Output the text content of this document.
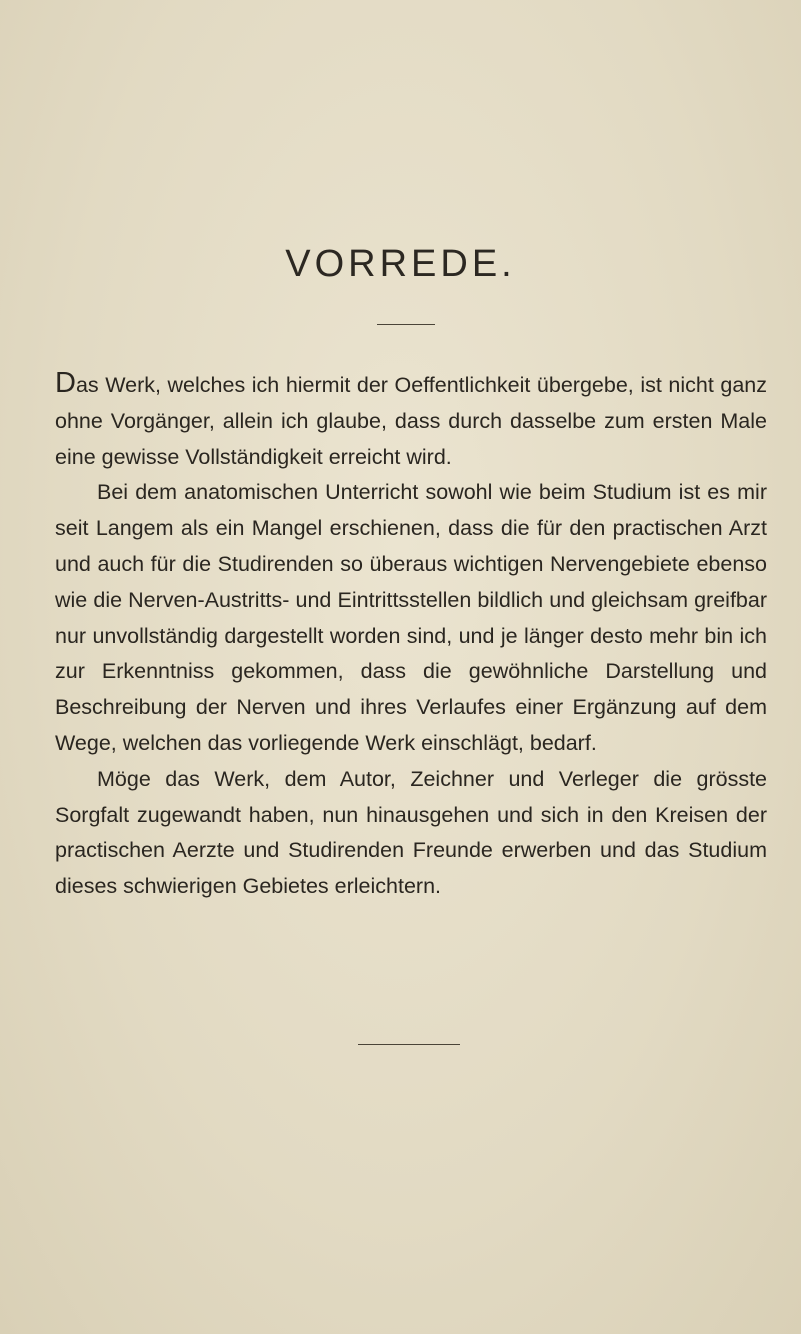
VORREDE.

Das Werk, welches ich hiermit der Oeffentlichkeit übergebe, ist nicht ganz ohne Vorgänger, allein ich glaube, dass durch dasselbe zum ersten Male eine gewisse Vollständigkeit erreicht wird.

Bei dem anatomischen Unterricht sowohl wie beim Studium ist es mir seit Langem als ein Mangel erschienen, dass die für den practischen Arzt und auch für die Studirenden so überaus wichtigen Nervengebiete ebenso wie die Nerven-Austritts- und Eintrittsstellen bildlich und gleichsam greifbar nur unvollständig dargestellt worden sind, und je länger desto mehr bin ich zur Erkenntniss gekommen, dass die gewöhnliche Darstellung und Beschreibung der Nerven und ihres Verlaufes einer Ergänzung auf dem Wege, welchen das vorliegende Werk einschlägt, bedarf.

Möge das Werk, dem Autor, Zeichner und Verleger die grösste Sorgfalt zugewandt haben, nun hinausgehen und sich in den Kreisen der practischen Aerzte und Studirenden Freunde erwerben und das Studium dieses schwierigen Gebietes erleichtern.
